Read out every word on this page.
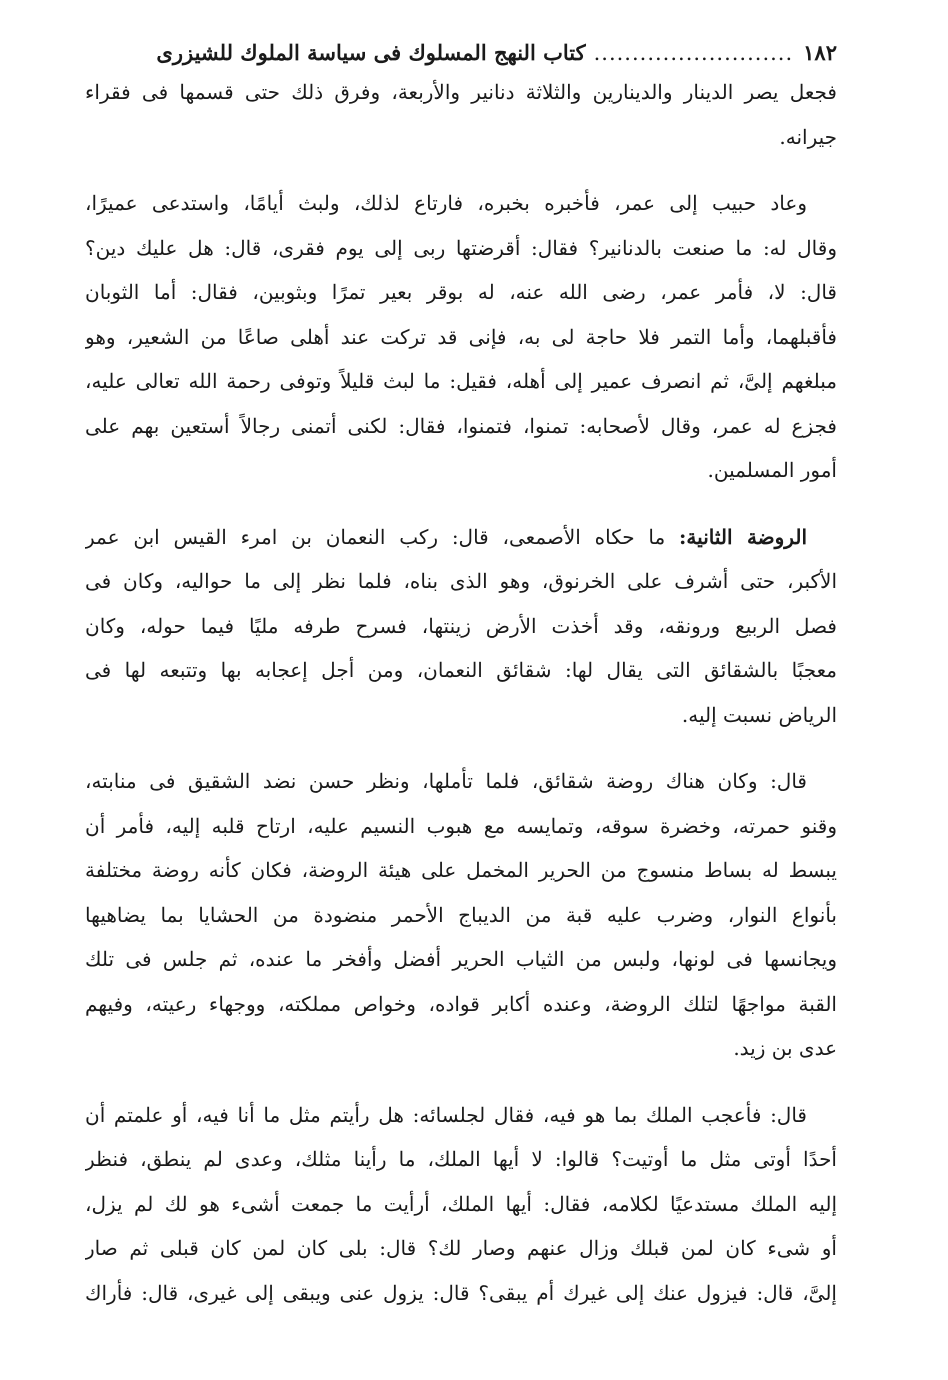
١٨٢
..........................
كتاب النهج المسلوك فى سياسة الملوك للشيزرى

فجعل يصر الدينار والدينارين والثلاثة دنانير والأربعة، وفرق ذلك حتى قسمها فى فقراء
جيرانه.

وعاد حبيب إلى عمر، فأخبره بخبره، فارتاع لذلك، ولبث أيامًا، واستدعى عميرًا،
وقال له: ما صنعت بالدنانير؟ فقال: أقرضتها ربى إلى يوم فقرى، قال: هل عليك دين؟
قال: لا، فأمر عمر، رضى الله عنه، له بوقر بعير تمرًا وبثوبين، فقال: أما الثوبان
فأقبلهما، وأما التمر فلا حاجة لى به، فإنى قد تركت عند أهلى صاعًا من الشعير، وهو
مبلغهم إلىَّ، ثم انصرف عمير إلى أهله، فقيل: ما لبث قليلاً وتوفى رحمة الله تعالى عليه،
فجزع له عمر، وقال لأصحابه: تمنوا، فتمنوا، فقال: لكنى أتمنى رجالاً أستعين بهم على
أمور المسلمين.

الروضة الثانية: ما حكاه الأصمعى، قال: ركب النعمان بن امرء القيس ابن عمر
الأكبر، حتى أشرف على الخرنوق، وهو الذى بناه، فلما نظر إلى ما حواليه، وكان فى
فصل الربيع ورونقه، وقد أخذت الأرض زينتها، فسرح طرفه مليًا فيما حوله، وكان
معجبًا بالشقائق التى يقال لها: شقائق النعمان، ومن أجل إعجابه بها وتتبعه لها فى
الرياض نسبت إليه.

قال: وكان هناك روضة شقائق، فلما تأملها، ونظر حسن نضد الشقيق فى منابته،
وقنو حمرته، وخضرة سوقه، وتمايسه مع هبوب النسيم عليه، ارتاح قلبه إليه، فأمر أن
يبسط له بساط منسوج من الحرير المخمل على هيئة الروضة، فكان كأنه روضة مختلفة
بأنواع النوار، وضرب عليه قبة من الديباج الأحمر منضودة من الحشايا بما يضاهيها
ويجانسها فى لونها، ولبس من الثياب الحرير أفضل وأفخر ما عنده، ثم جلس فى تلك
القبة مواجهًا لتلك الروضة، وعنده أكابر قواده، وخواص مملكته، ووجهاء رعيته، وفيهم
عدى بن زيد.

قال: فأعجب الملك بما هو فيه، فقال لجلسائه: هل رأيتم مثل ما أنا فيه، أو علمتم أن
أحدًا أوتى مثل ما أوتيت؟ قالوا: لا أيها الملك، ما رأينا مثلك، وعدى لم ينطق، فنظر
إليه الملك مستدعيًا لكلامه، فقال: أيها الملك، أرأيت ما جمعت أشىء هو لك لم يزل،
أو شىء كان لمن قبلك وزال عنهم وصار لك؟ قال: بلى كان لمن كان قبلى ثم صار
إلىَّ، قال: فيزول عنك إلى غيرك أم يبقى؟ قال: يزول عنى ويبقى إلى غيرى، قال: فأراك
